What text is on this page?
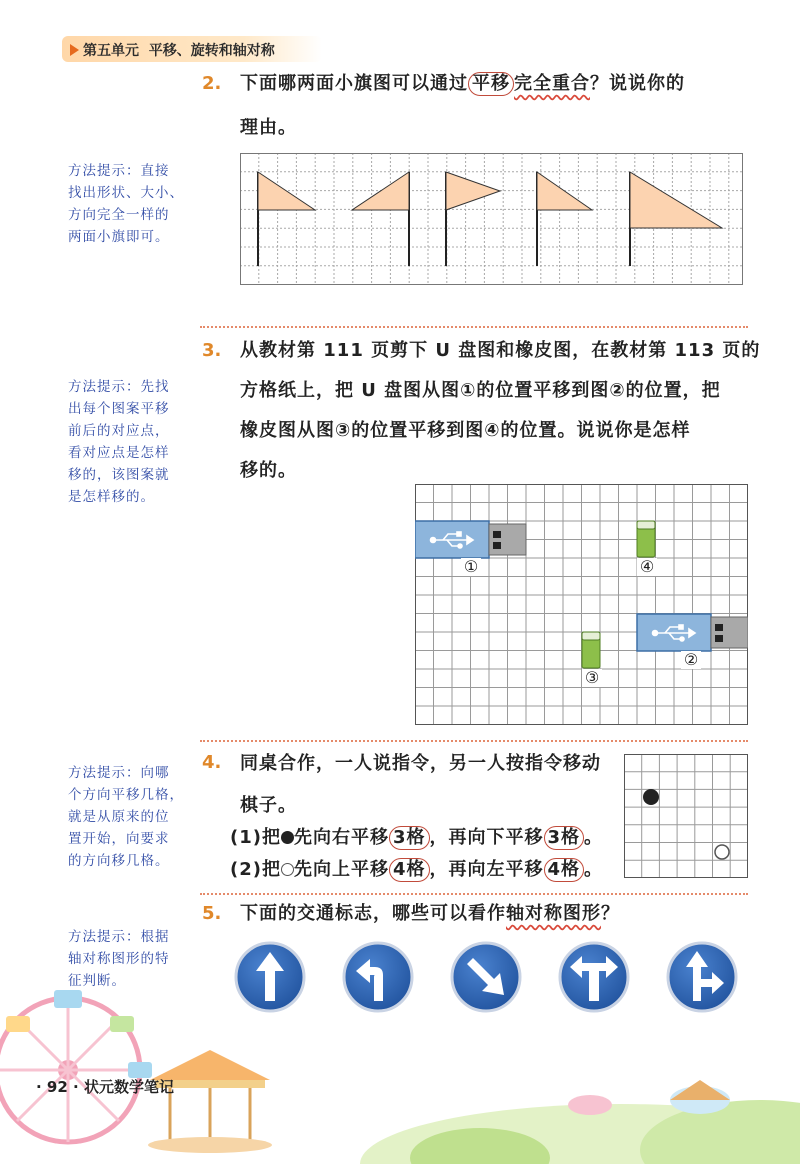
第五单元 平移、旋转和轴对称
2. 下面哪两面小旗图可以通过 平移 完全重合？说说你的
理由。
方法提示：直接
找出形状、大小、
方向完全一样的
两面小旗即可。
3. 从教材第 111 页剪下 U 盘图和橡皮图，在教材第 113 页的
方格纸上，把 U 盘图从图①的位置平移到图②的位置，把
橡皮图从图③的位置平移到图④的位置。说说你是怎样
移的。
方法提示：先找
出每个图案平移
前后的对应点，
看对应点是怎样
移的，该图案就
是怎样移的。
①
②
③
④
4. 同桌合作，一人说指令，另一人按指令移动
棋子。
(1)把 先向右平移 3格 ，再向下平移 3格 。
(2)把 先向上平移 4格 ，再向左平移 4格 。
方法提示：向哪
个方向平移几格，
就是从原来的位
置开始，向要求
的方向移几格。
5. 下面的交通标志，哪些可以看作轴对称图形？
方法提示：根据
轴对称图形的特
征判断。
· 92 · 状元数学笔记
